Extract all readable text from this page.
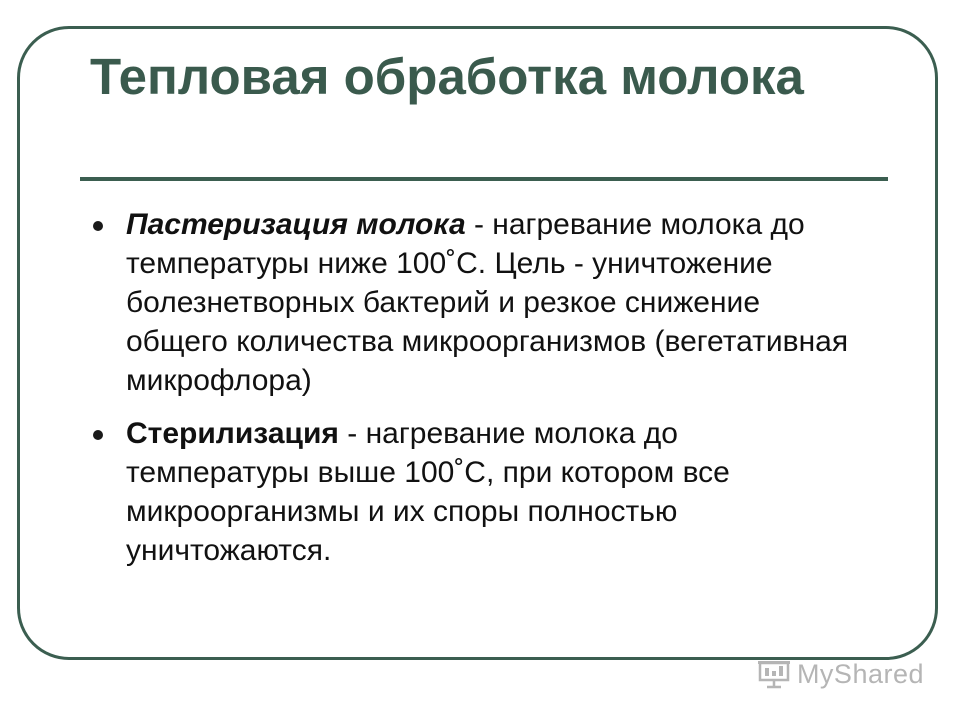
Тепловая обработка молока
Пастеризация молока - нагревание молока до температуры ниже 100˚С. Цель - уничтожение болезнетворных бактерий и резкое снижение общего количества микроорганизмов (вегетативная микрофлора)
Стерилизация - нагревание молока до температуры выше 100˚С, при котором все микроорганизмы и их споры полностью уничтожаются.
MyShared
